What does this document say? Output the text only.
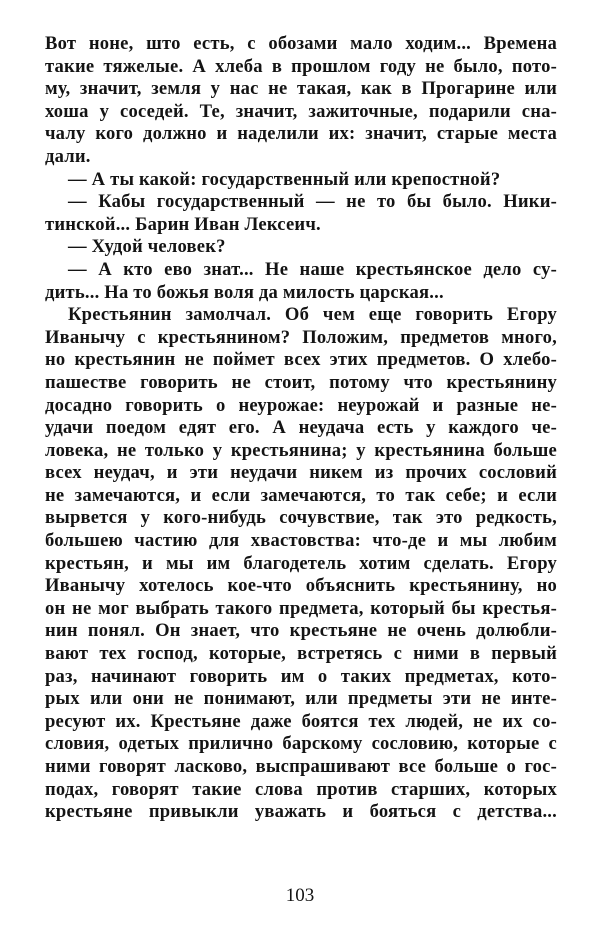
Вот ноне, што есть, с обозами мало ходим... Времена
такие тяжелые. А хлеба в прошлом году не было, пото-
му, значит, земля у нас не такая, как в Прогарине или
хоша у соседей. Те, значит, зажиточные, подарили сна-
чалу кого должно и наделили их: значит, старые места
дали.
— А ты какой: государственный или крепостной?
— Кабы государственный — не то бы было. Ники-
тинской... Барин Иван Лексеич.
— Худой человек?
— А кто ево знат... Не наше крестьянское дело су-
дить... На то божья воля да милость царская...
Крестьянин замолчал. Об чем еще говорить Егору
Иванычу с крестьянином? Положим, предметов много,
но крестьянин не поймет всех этих предметов. О хлебо-
пашестве говорить не стоит, потому что крестьянину
досадно говорить о неурожае: неурожай и разные не-
удачи поедом едят его. А неудача есть у каждого че-
ловека, не только у крестьянина; у крестьянина больше
всех неудач, и эти неудачи никем из прочих сословий
не замечаются, и если замечаются, то так себе; и если
вырвется у кого-нибудь сочувствие, так это редкость,
большею частию для хвастовства: что-де и мы любим
крестьян, и мы им благодетель хотим сделать. Егору
Иванычу хотелось кое-что объяснить крестьянину, но
он не мог выбрать такого предмета, который бы крестья-
нин понял. Он знает, что крестьяне не очень долюбли-
вают тех господ, которые, встретясь с ними в первый
раз, начинают говорить им о таких предметах, кото-
рых или они не понимают, или предметы эти не инте-
ресуют их. Крестьяне даже боятся тех людей, не их со-
словия, одетых прилично барскому сословию, которые с
ними говорят ласково, выспрашивают все больше о гос-
подах, говорят такие слова против старших, которых
крестьяне привыкли уважать и бояться с детства...
103
